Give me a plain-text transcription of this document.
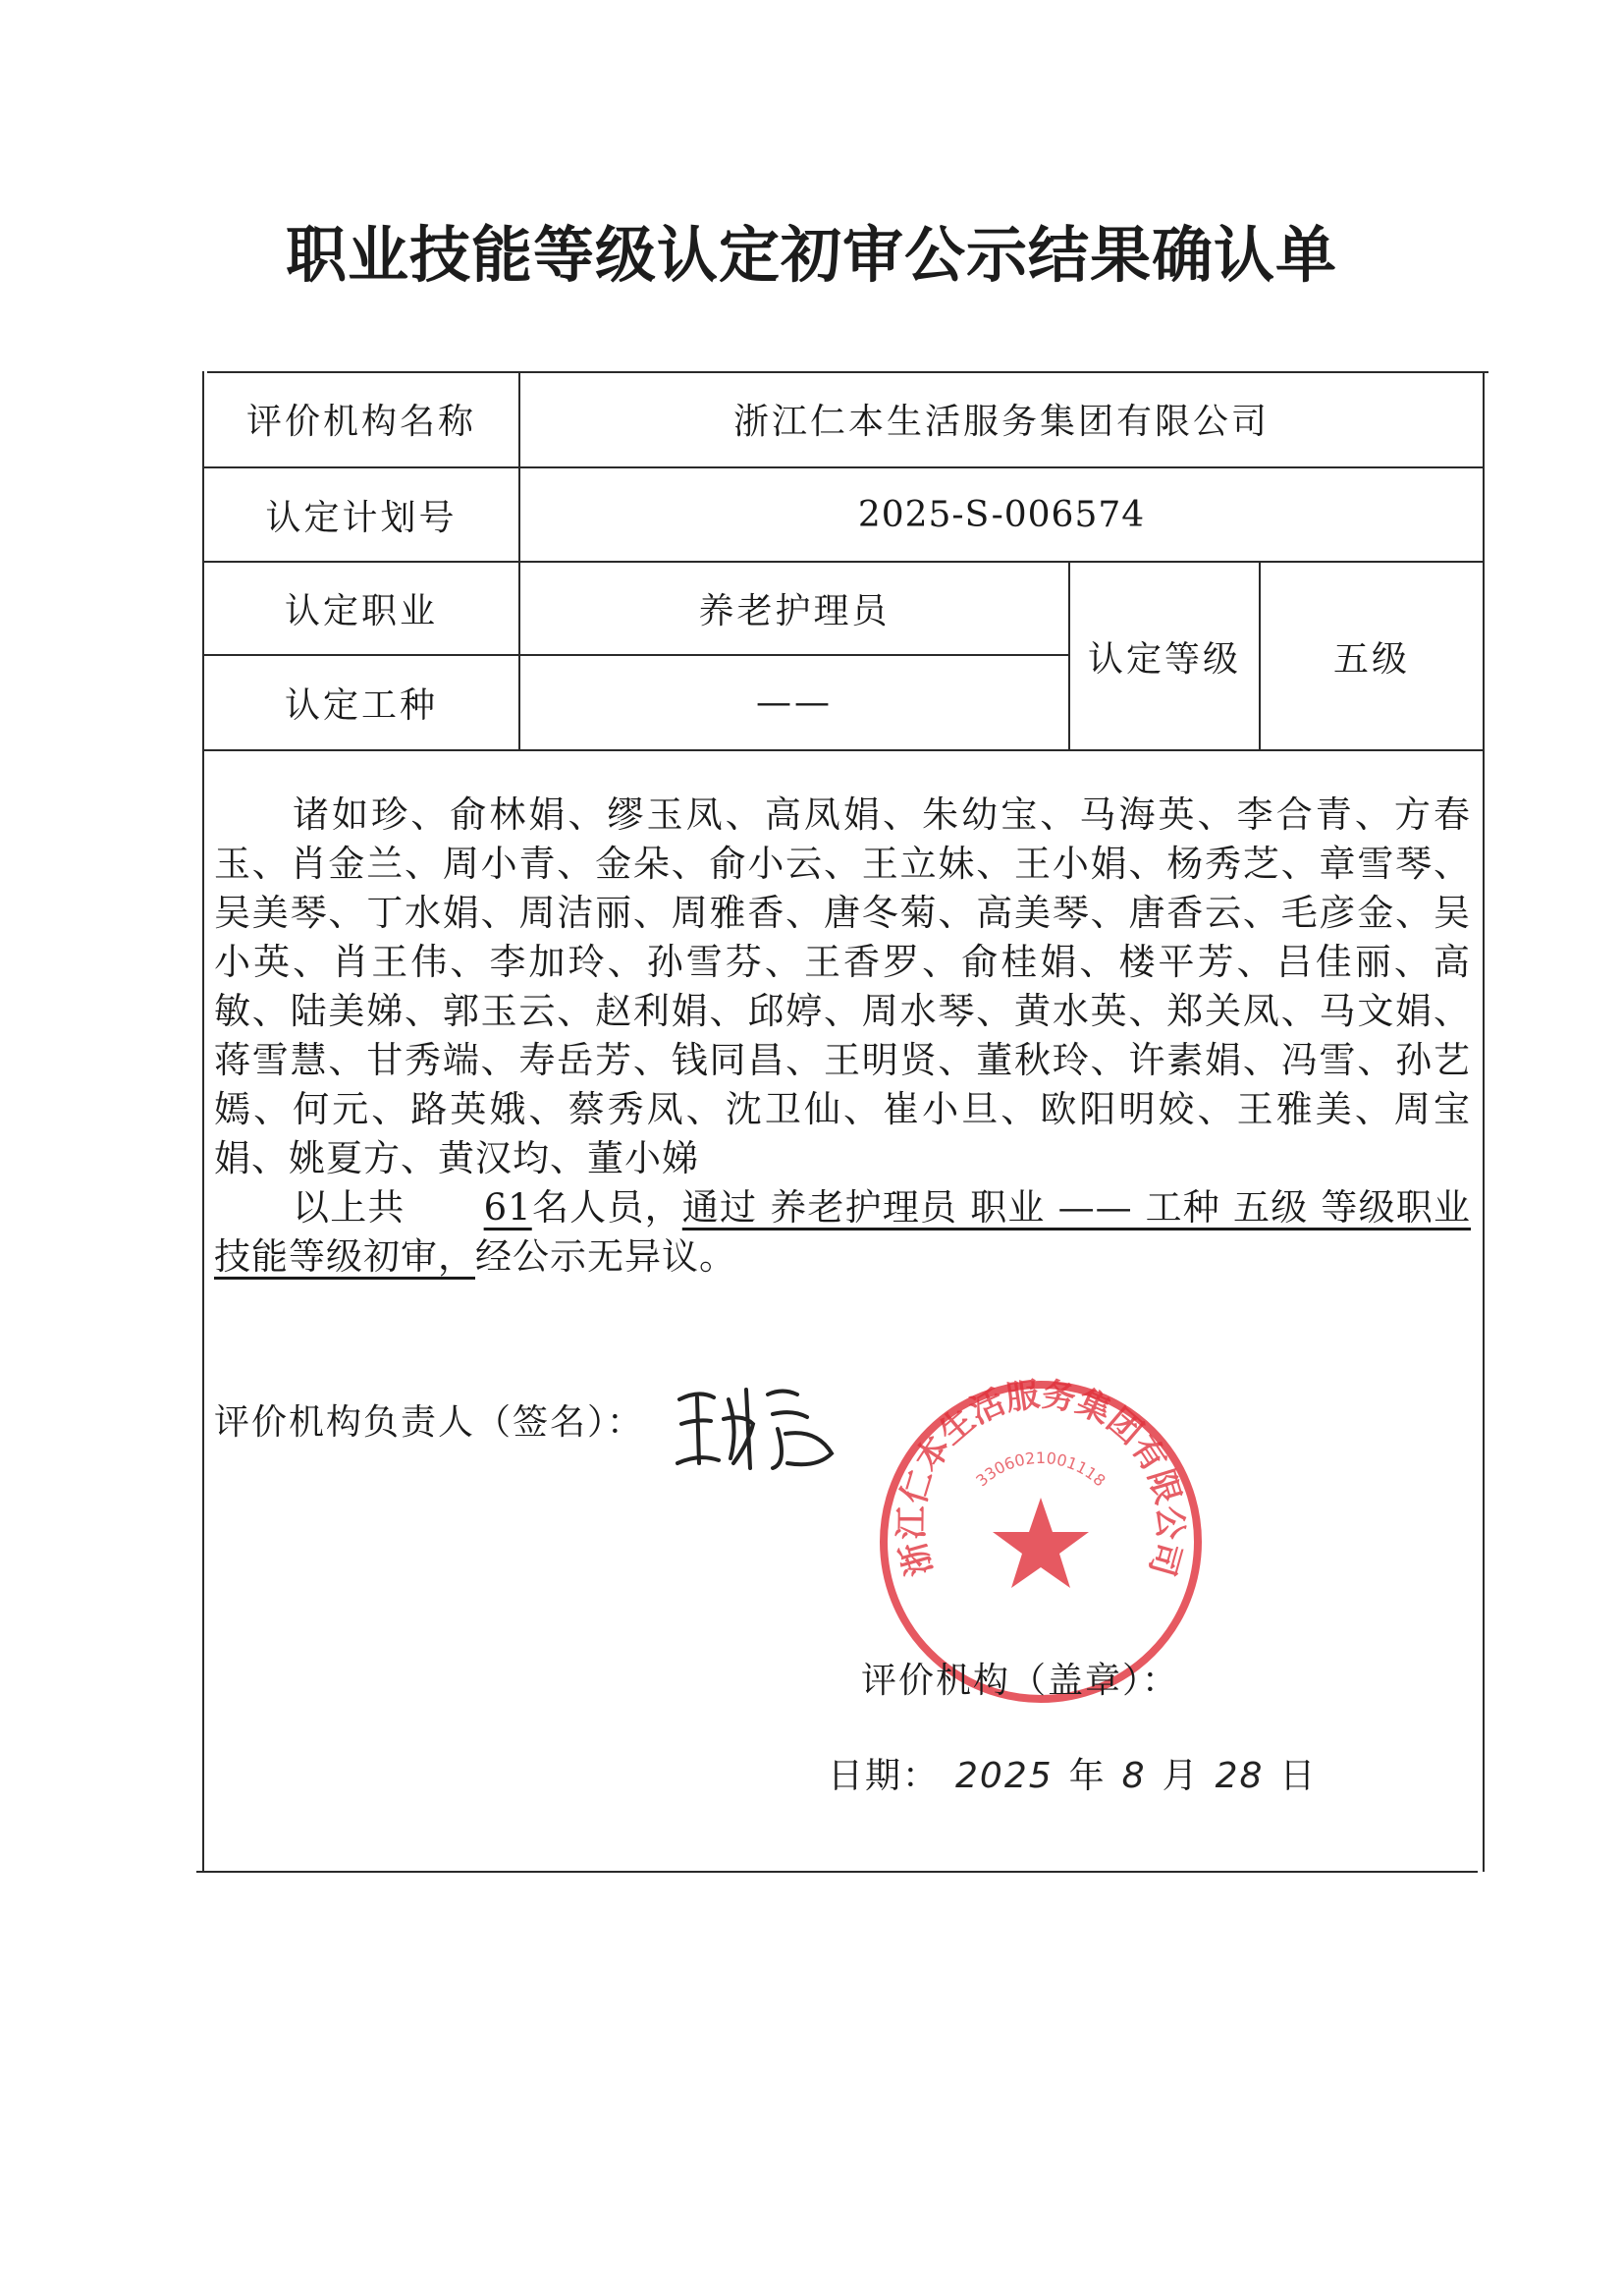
职业技能等级认定初审公示结果确认单
评价机构名称	浙江仁本生活服务集团有限公司
认定计划号	2025-S-006574
认定职业	养老护理员
认定工种	——
认定等级	五级

诸如珍、俞林娟、缪玉凤、高凤娟、朱幼宝、马海英、李合青、方春玉、肖金兰、周小青、金朵、俞小云、王立妹、王小娟、杨秀芝、章雪琴、吴美琴、丁水娟、周洁丽、周雅香、唐冬菊、高美琴、唐香云、毛彦金、吴小英、肖王伟、李加玲、孙雪芬、王香罗、俞桂娟、楼平芳、吕佳丽、高敏、陆美娣、郭玉云、赵利娟、邱婷、周水琴、黄水英、郑关凤、马文娟、蒋雪慧、甘秀端、寿岳芳、钱同昌、王明贤、董秋玲、许素娟、冯雪、孙艺嫣、何元、路英娥、蔡秀凤、沈卫仙、崔小旦、欧阳明姣、王雅美、周宝娟、姚夏方、黄汉均、董小娣

以上共 61名人员，通过 养老护理员 职业 —— 工种 五级 等级职业技能等级初审，经公示无异议。

评价机构负责人（签名）：
浙江仁本生活服务集团有限公司
3306021001118
评价机构（盖章）：
日期： 2025 年 8 月 28 日
